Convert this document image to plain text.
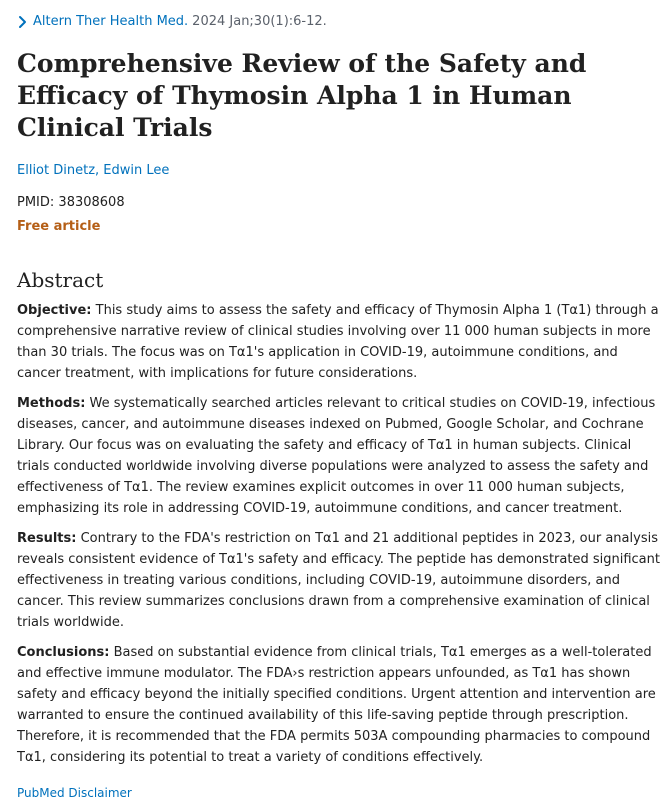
Altern Ther Health Med. 2024 Jan;30(1):6-12.
Comprehensive Review of the Safety and Efficacy of Thymosin Alpha 1 in Human Clinical Trials
Elliot Dinetz, Edwin Lee
PMID: 38308608
Free article
Abstract

Objective: This study aims to assess the safety and efficacy of Thymosin Alpha 1 (Tα1) through a comprehensive narrative review of clinical studies involving over 11 000 human subjects in more than 30 trials. The focus was on Tα1's application in COVID-19, autoimmune conditions, and cancer treatment, with implications for future considerations.

Methods: We systematically searched articles relevant to critical studies on COVID-19, infectious diseases, cancer, and autoimmune diseases indexed on Pubmed, Google Scholar, and Cochrane Library. Our focus was on evaluating the safety and efficacy of Tα1 in human subjects. Clinical trials conducted worldwide involving diverse populations were analyzed to assess the safety and effectiveness of Tα1. The review examines explicit outcomes in over 11 000 human subjects, emphasizing its role in addressing COVID-19, autoimmune conditions, and cancer treatment.

Results: Contrary to the FDA's restriction on Tα1 and 21 additional peptides in 2023, our analysis reveals consistent evidence of Tα1's safety and efficacy. The peptide has demonstrated significant effectiveness in treating various conditions, including COVID-19, autoimmune disorders, and cancer. This review summarizes conclusions drawn from a comprehensive examination of clinical trials worldwide.

Conclusions: Based on substantial evidence from clinical trials, Tα1 emerges as a well-tolerated and effective immune modulator. The FDA›s restriction appears unfounded, as Tα1 has shown safety and efficacy beyond the initially specified conditions. Urgent attention and intervention are warranted to ensure the continued availability of this life-saving peptide through prescription. Therefore, it is recommended that the FDA permits 503A compounding pharmacies to compound Tα1, considering its potential to treat a variety of conditions effectively.

PubMed Disclaimer
